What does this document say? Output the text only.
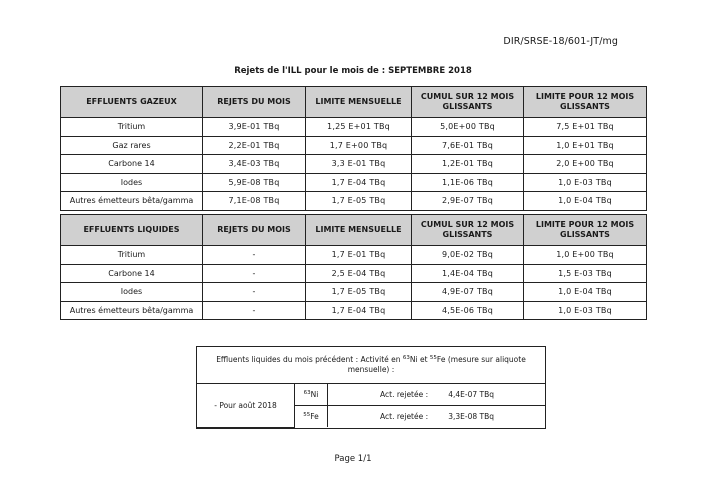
DIR/SRSE-18/601-JT/mg
Rejets de l'ILL pour le mois de : SEPTEMBRE 2018
EFFLUENTS GAZEUX	REJETS DU MOIS	LIMITE MENSUELLE	CUMUL SUR 12 MOIS GLISSANTS	LIMITE POUR 12 MOIS GLISSANTS
Tritium	3,9E-01 TBq	1,25 E+01 TBq	5,0E+00 TBq	7,5 E+01 TBq
Gaz rares	2,2E-01 TBq	1,7 E+00 TBq	7,6E-01 TBq	1,0 E+01 TBq
Carbone 14	3,4E-03 TBq	3,3 E-01 TBq	1,2E-01 TBq	2,0 E+00 TBq
Iodes	5,9E-08 TBq	1,7 E-04 TBq	1,1E-06 TBq	1,0 E-03 TBq
Autres émetteurs bêta/gamma	7,1E-08 TBq	1,7 E-05 TBq	2,9E-07 TBq	1,0 E-04 TBq
EFFLUENTS LIQUIDES	REJETS DU MOIS	LIMITE MENSUELLE	CUMUL SUR 12 MOIS GLISSANTS	LIMITE POUR 12 MOIS GLISSANTS
Tritium	-	1,7 E-01 TBq	9,0E-02 TBq	1,0 E+00 TBq
Carbone 14	-	2,5 E-04 TBq	1,4E-04 TBq	1,5 E-03 TBq
Iodes	-	1,7 E-05 TBq	4,9E-07 TBq	1,0 E-04 TBq
Autres émetteurs bêta/gamma	-	1,7 E-04 TBq	4,5E-06 TBq	1,0 E-03 TBq
Effluents liquides du mois précédent : Activité en $^{63}$Ni et $^{55}$Fe (mesure sur aliquote mensuelle) :
- Pour août 2018	$^{63}$Ni	Act. rejetée :	4,4E-07 TBq
	$^{55}$Fe	Act. rejetée :	3,3E-08 TBq
Page 1/1
